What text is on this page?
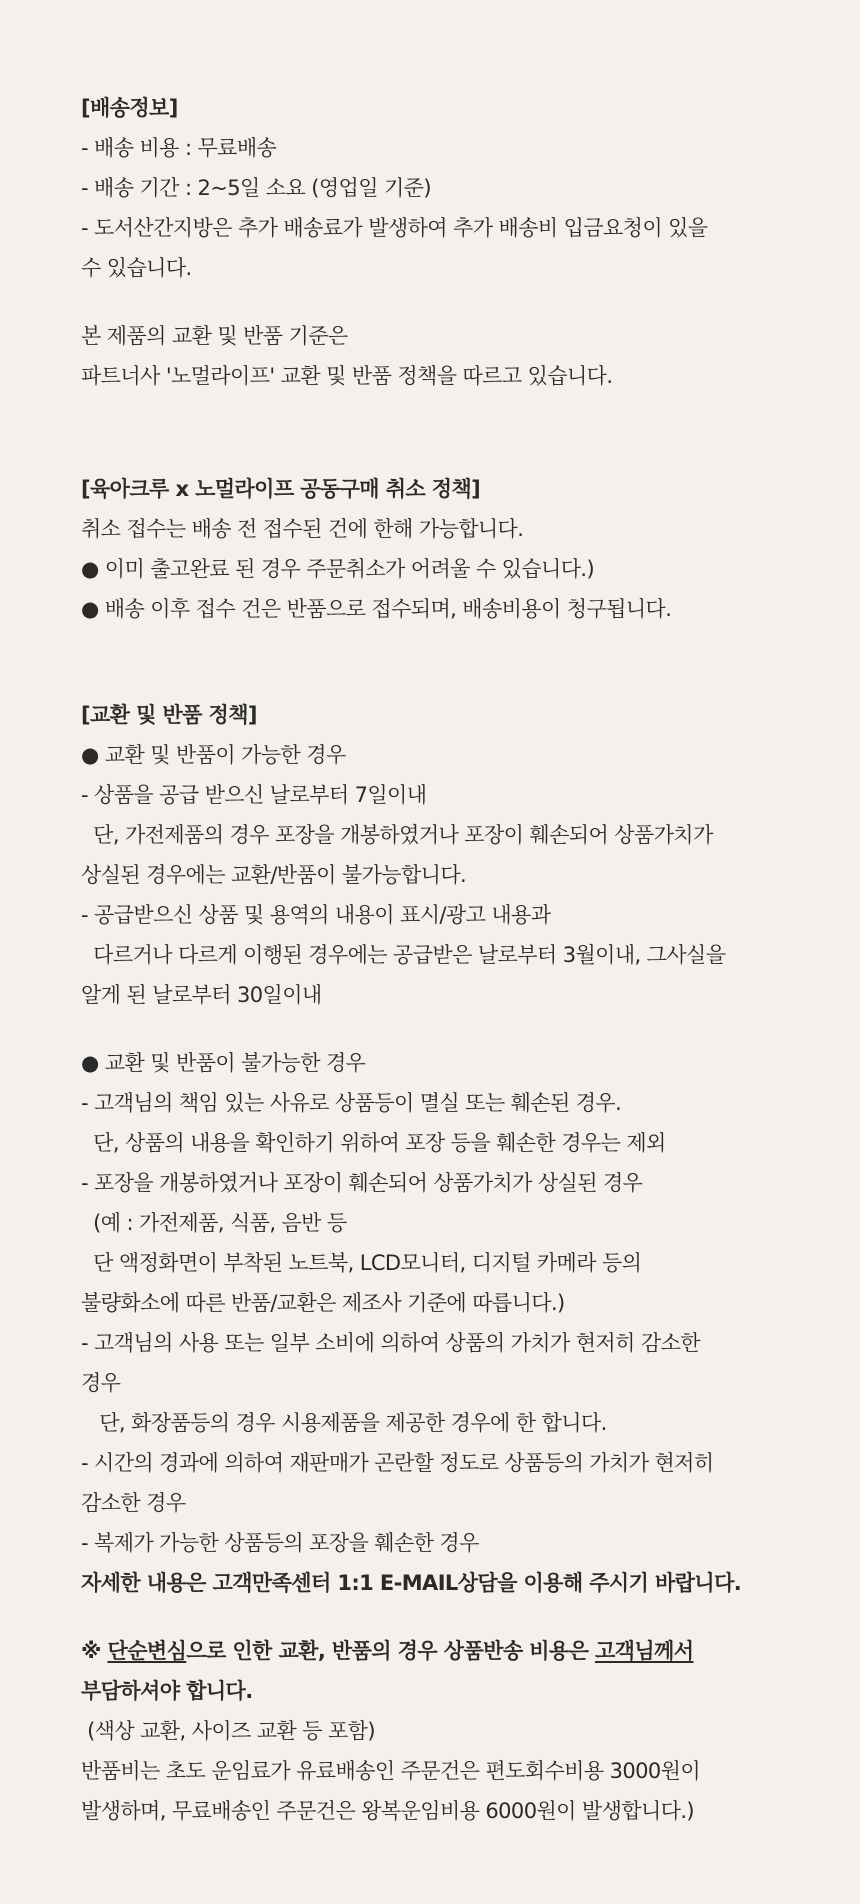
[배송정보]

- 배송 비용 : 무료배송

- 배송 기간 : 2~5일 소요 (영업일 기준)

- 도서산간지방은 추가 배송료가 발생하여 추가 배송비 입금요청이 있을

수 있습니다.

본 제품의 교환 및 반품 기준은

파트너사 '노멀라이프' 교환 및 반품 정책을 따르고 있습니다.

[육아크루 x 노멀라이프 공동구매 취소 정책]

취소 접수는 배송 전 접수된 건에 한해 가능합니다.

● 이미 출고완료 된 경우 주문취소가 어려울 수 있습니다.)

● 배송 이후 접수 건은 반품으로 접수되며, 배송비용이 청구됩니다.

[교환 및 반품 정책]

● 교환 및 반품이 가능한 경우

- 상품을 공급 받으신 날로부터 7일이내

단, 가전제품의 경우 포장을 개봉하였거나 포장이 훼손되어 상품가치가

상실된 경우에는 교환/반품이 불가능합니다.

- 공급받으신 상품 및 용역의 내용이 표시/광고 내용과

다르거나 다르게 이행된 경우에는 공급받은 날로부터 3월이내, 그사실을

알게 된 날로부터 30일이내

● 교환 및 반품이 불가능한 경우

- 고객님의 책임 있는 사유로 상품등이 멸실 또는 훼손된 경우.

단, 상품의 내용을 확인하기 위하여 포장 등을 훼손한 경우는 제외

- 포장을 개봉하였거나 포장이 훼손되어 상품가치가 상실된 경우

(예 : 가전제품, 식품, 음반 등

단 액정화면이 부착된 노트북, LCD모니터, 디지털 카메라 등의

불량화소에 따른 반품/교환은 제조사 기준에 따릅니다.)

- 고객님의 사용 또는 일부 소비에 의하여 상품의 가치가 현저히 감소한

경우

단, 화장품등의 경우 시용제품을 제공한 경우에 한 합니다.

- 시간의 경과에 의하여 재판매가 곤란할 정도로 상품등의 가치가 현저히

감소한 경우

- 복제가 가능한 상품등의 포장을 훼손한 경우

자세한 내용은 고객만족센터 1:1 E-MAIL상담을 이용해 주시기 바랍니다.

※ 단순변심으로 인한 교환, 반품의 경우 상품반송 비용은 고객님께서

부담하셔야 합니다.

(색상 교환, 사이즈 교환 등 포함)

반품비는 초도 운임료가 유료배송인 주문건은 편도회수비용 3000원이

발생하며, 무료배송인 주문건은 왕복운임비용 6000원이 발생합니다.)
